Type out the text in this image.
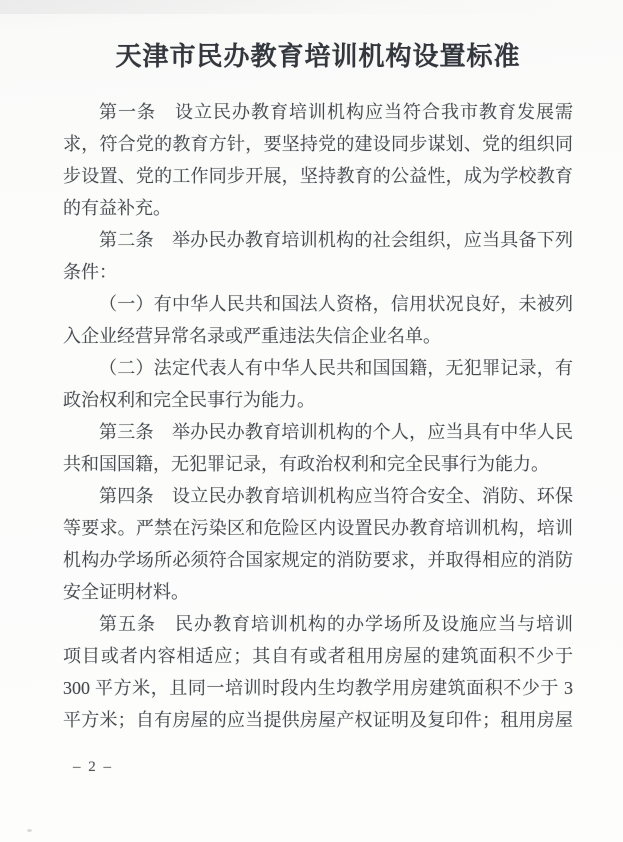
天津市民办教育培训机构设置标准
第一条　设立民办教育培训机构应当符合我市教育发展需
求，符合党的教育方针，要坚持党的建设同步谋划、党的组织同
步设置、党的工作同步开展，坚持教育的公益性，成为学校教育
的有益补充。
第二条　举办民办教育培训机构的社会组织，应当具备下列
条件：
（一）有中华人民共和国法人资格，信用状况良好，未被列
入企业经营异常名录或严重违法失信企业名单。
（二）法定代表人有中华人民共和国国籍，无犯罪记录，有
政治权利和完全民事行为能力。
第三条　举办民办教育培训机构的个人，应当具有中华人民
共和国国籍，无犯罪记录，有政治权利和完全民事行为能力。
第四条　设立民办教育培训机构应当符合安全、消防、环保
等要求。严禁在污染区和危险区内设置民办教育培训机构，培训
机构办学场所必须符合国家规定的消防要求，并取得相应的消防
安全证明材料。
第五条　民办教育培训机构的办学场所及设施应当与培训
项目或者内容相适应；其自有或者租用房屋的建筑面积不少于
300 平方米，且同一培训时段内生均教学用房建筑面积不少于 3
平方米；自有房屋的应当提供房屋产权证明及复印件；租用房屋
– 2 –
